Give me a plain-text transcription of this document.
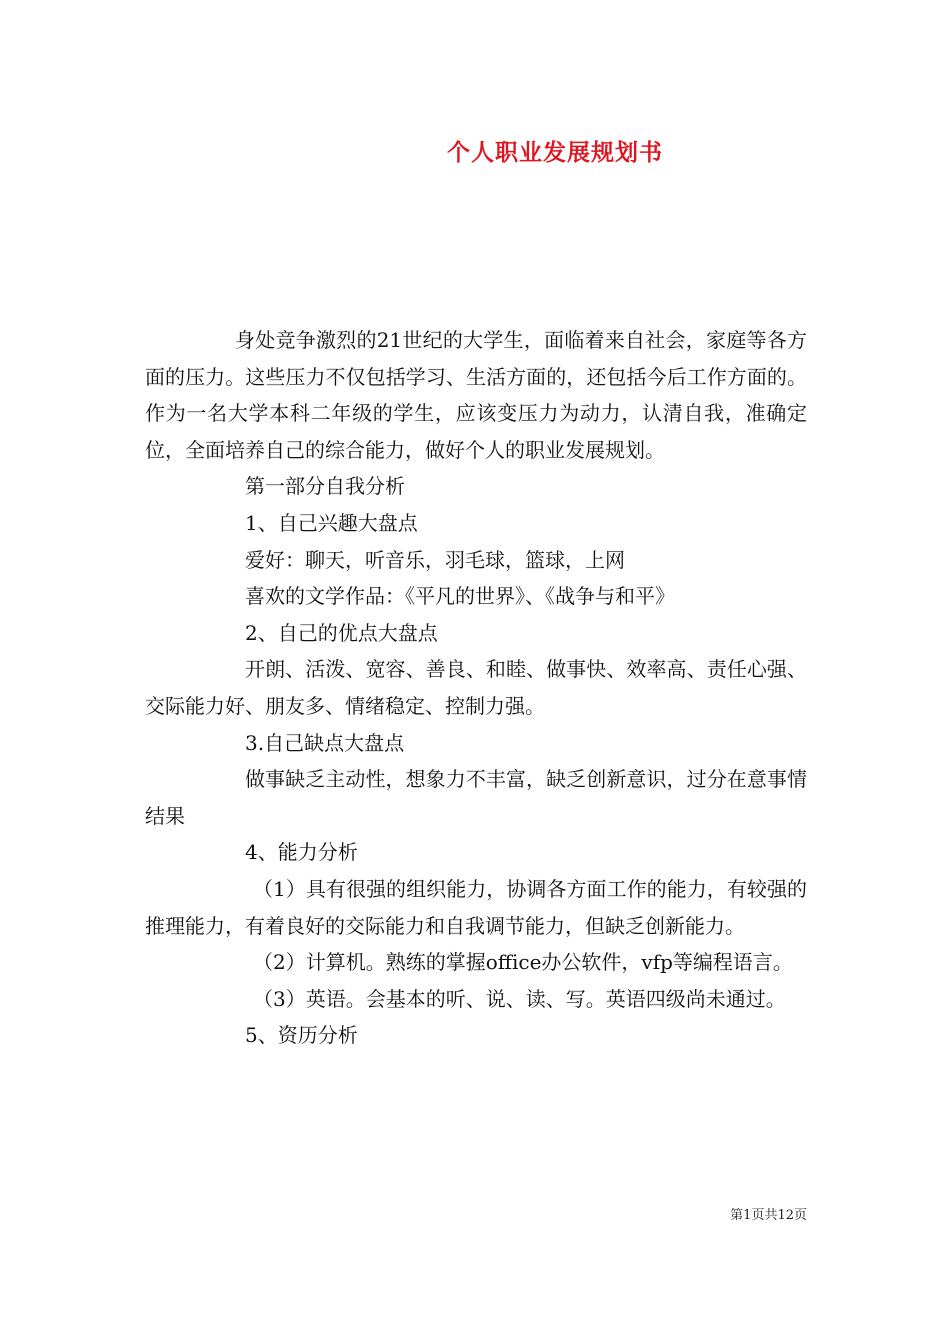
个人职业发展规划书

身处竞争激烈的21世纪的大学生，面临着来自社会，家庭等各方面的压力。这些压力不仅包括学习、生活方面的，还包括今后工作方面的。作为一名大学本科二年级的学生，应该变压力为动力，认清自我，准确定位，全面培养自己的综合能力，做好个人的职业发展规划。

第一部分自我分析

1、自己兴趣大盘点

爱好：聊天，听音乐，羽毛球，篮球，上网

喜欢的文学作品：《平凡的世界》、《战争与和平》

2、自己的优点大盘点

开朗、活泼、宽容、善良、和睦、做事快、效率高、责任心强、交际能力好、朋友多、情绪稳定、控制力强。

3.自己缺点大盘点

做事缺乏主动性，想象力不丰富，缺乏创新意识，过分在意事情结果

4、能力分析

（1）具有很强的组织能力，协调各方面工作的能力，有较强的推理能力，有着良好的交际能力和自我调节能力，但缺乏创新能力。

（2）计算机。熟练的掌握office办公软件，vfp等编程语言。

（3）英语。会基本的听、说、读、写。英语四级尚未通过。

5、资历分析

第1页共12页
